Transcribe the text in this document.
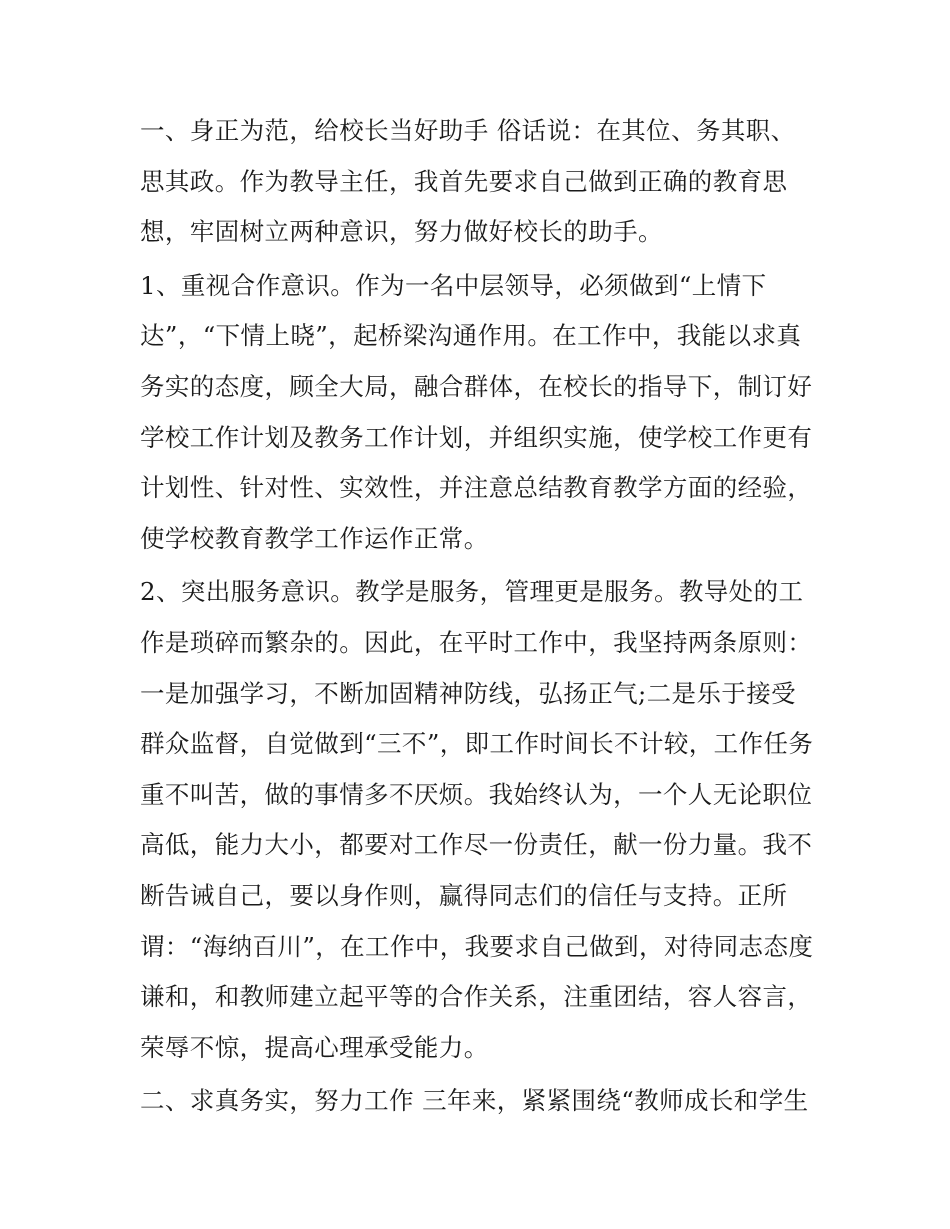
一、身正为范，给校长当好助手 俗话说：在其位、务其职、
思其政。作为教导主任，我首先要求自己做到正确的教育思
想，牢固树立两种意识，努力做好校长的助手。
1、重视合作意识。作为一名中层领导，必须做到“上情下
达”，“下情上晓”，起桥梁沟通作用。在工作中，我能以求真
务实的态度，顾全大局，融合群体，在校长的指导下，制订好
学校工作计划及教务工作计划，并组织实施，使学校工作更有
计划性、针对性、实效性，并注意总结教育教学方面的经验，
使学校教育教学工作运作正常。
2、突出服务意识。教学是服务，管理更是服务。教导处的工
作是琐碎而繁杂的。因此，在平时工作中，我坚持两条原则：
一是加强学习，不断加固精神防线，弘扬正气;二是乐于接受
群众监督，自觉做到“三不”，即工作时间长不计较，工作任务
重不叫苦，做的事情多不厌烦。我始终认为，一个人无论职位
高低，能力大小，都要对工作尽一份责任，献一份力量。我不
断告诫自己，要以身作则，赢得同志们的信任与支持。正所
谓：“海纳百川”，在工作中，我要求自己做到，对待同志态度
谦和，和教师建立起平等的合作关系，注重团结，容人容言，
荣辱不惊，提高心理承受能力。
二、求真务实，努力工作 三年来，紧紧围绕“教师成长和学生
